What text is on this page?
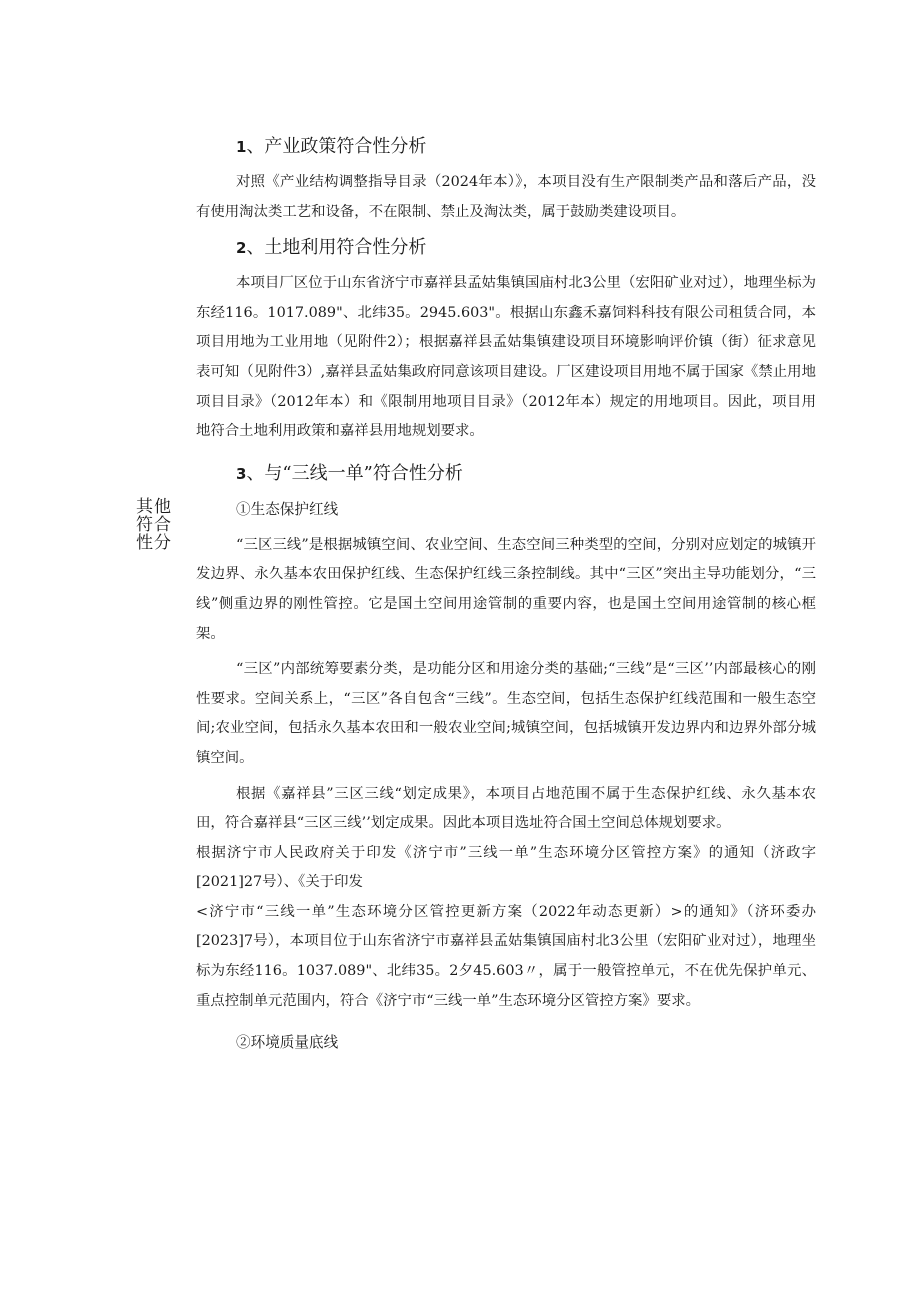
其他符合性分
1、产业政策符合性分析

对照《产业结构调整指导目录（2024年本）》，本项目没有生产限制类产品和落后产品，没有使用淘汰类工艺和设备，不在限制、禁止及淘汰类，属于鼓励类建设项目。

2、土地利用符合性分析

本项目厂区位于山东省济宁市嘉祥县孟姑集镇国庙村北3公里（宏阳矿业对过），地理坐标为东经116。1017.089"、北纬35。2945.603"。根据山东鑫禾嘉饲料科技有限公司租赁合同，本项目用地为工业用地（见附件2）；根据嘉祥县孟姑集镇建设项目环境影响评价镇（街）征求意见表可知（见附件3）,嘉祥县孟姑集政府同意该项目建设。厂区建设项目用地不属于国家《禁止用地项目目录》（2012年本）和《限制用地项目目录》（2012年本）规定的用地项目。因此，项目用地符合土地利用政策和嘉祥县用地规划要求。

3、与“三线一单”符合性分析
①生态保护红线

“三区三线”是根据城镇空间、农业空间、生态空间三种类型的空间，分别对应划定的城镇开发边界、永久基本农田保护红线、生态保护红线三条控制线。其中“三区”突出主导功能划分，“三线”侧重边界的刚性管控。它是国土空间用途管制的重要内容，也是国土空间用途管制的核心框架。

“三区”内部统筹要素分类，是功能分区和用途分类的基础;“三线”是“三区’’内部最核心的刚性要求。空间关系上，“三区”各自包含“三线”。生态空间，包括生态保护红线范围和一般生态空间;农业空间，包括永久基本农田和一般农业空间;城镇空间，包括城镇开发边界内和边界外部分城镇空间。

根据《嘉祥县”三区三线“划定成果》，本项目占地范围不属于生态保护红线、永久基本农田，符合嘉祥县“三区三线’’划定成果。因此本项目选址符合国土空间总体规划要求。

根据济宁市人民政府关于印发《济宁市”三线一单”生态环境分区管控方案》的通知（济政字[2021]27号）、《关于印发

<济宁市“三线一单”生态环境分区管控更新方案（2022年动态更新）>的通知》（济环委办[2023]7号），本项目位于山东省济宁市嘉祥县孟姑集镇国庙村北3公里（宏阳矿业对过），地理坐标为东经116。1037.089"、北纬35。2夕45.603〃，属于一般管控单元，不在优先保护单元、重点控制单元范围内，符合《济宁市“三线一单”生态环境分区管控方案》要求。

②环境质量底线
